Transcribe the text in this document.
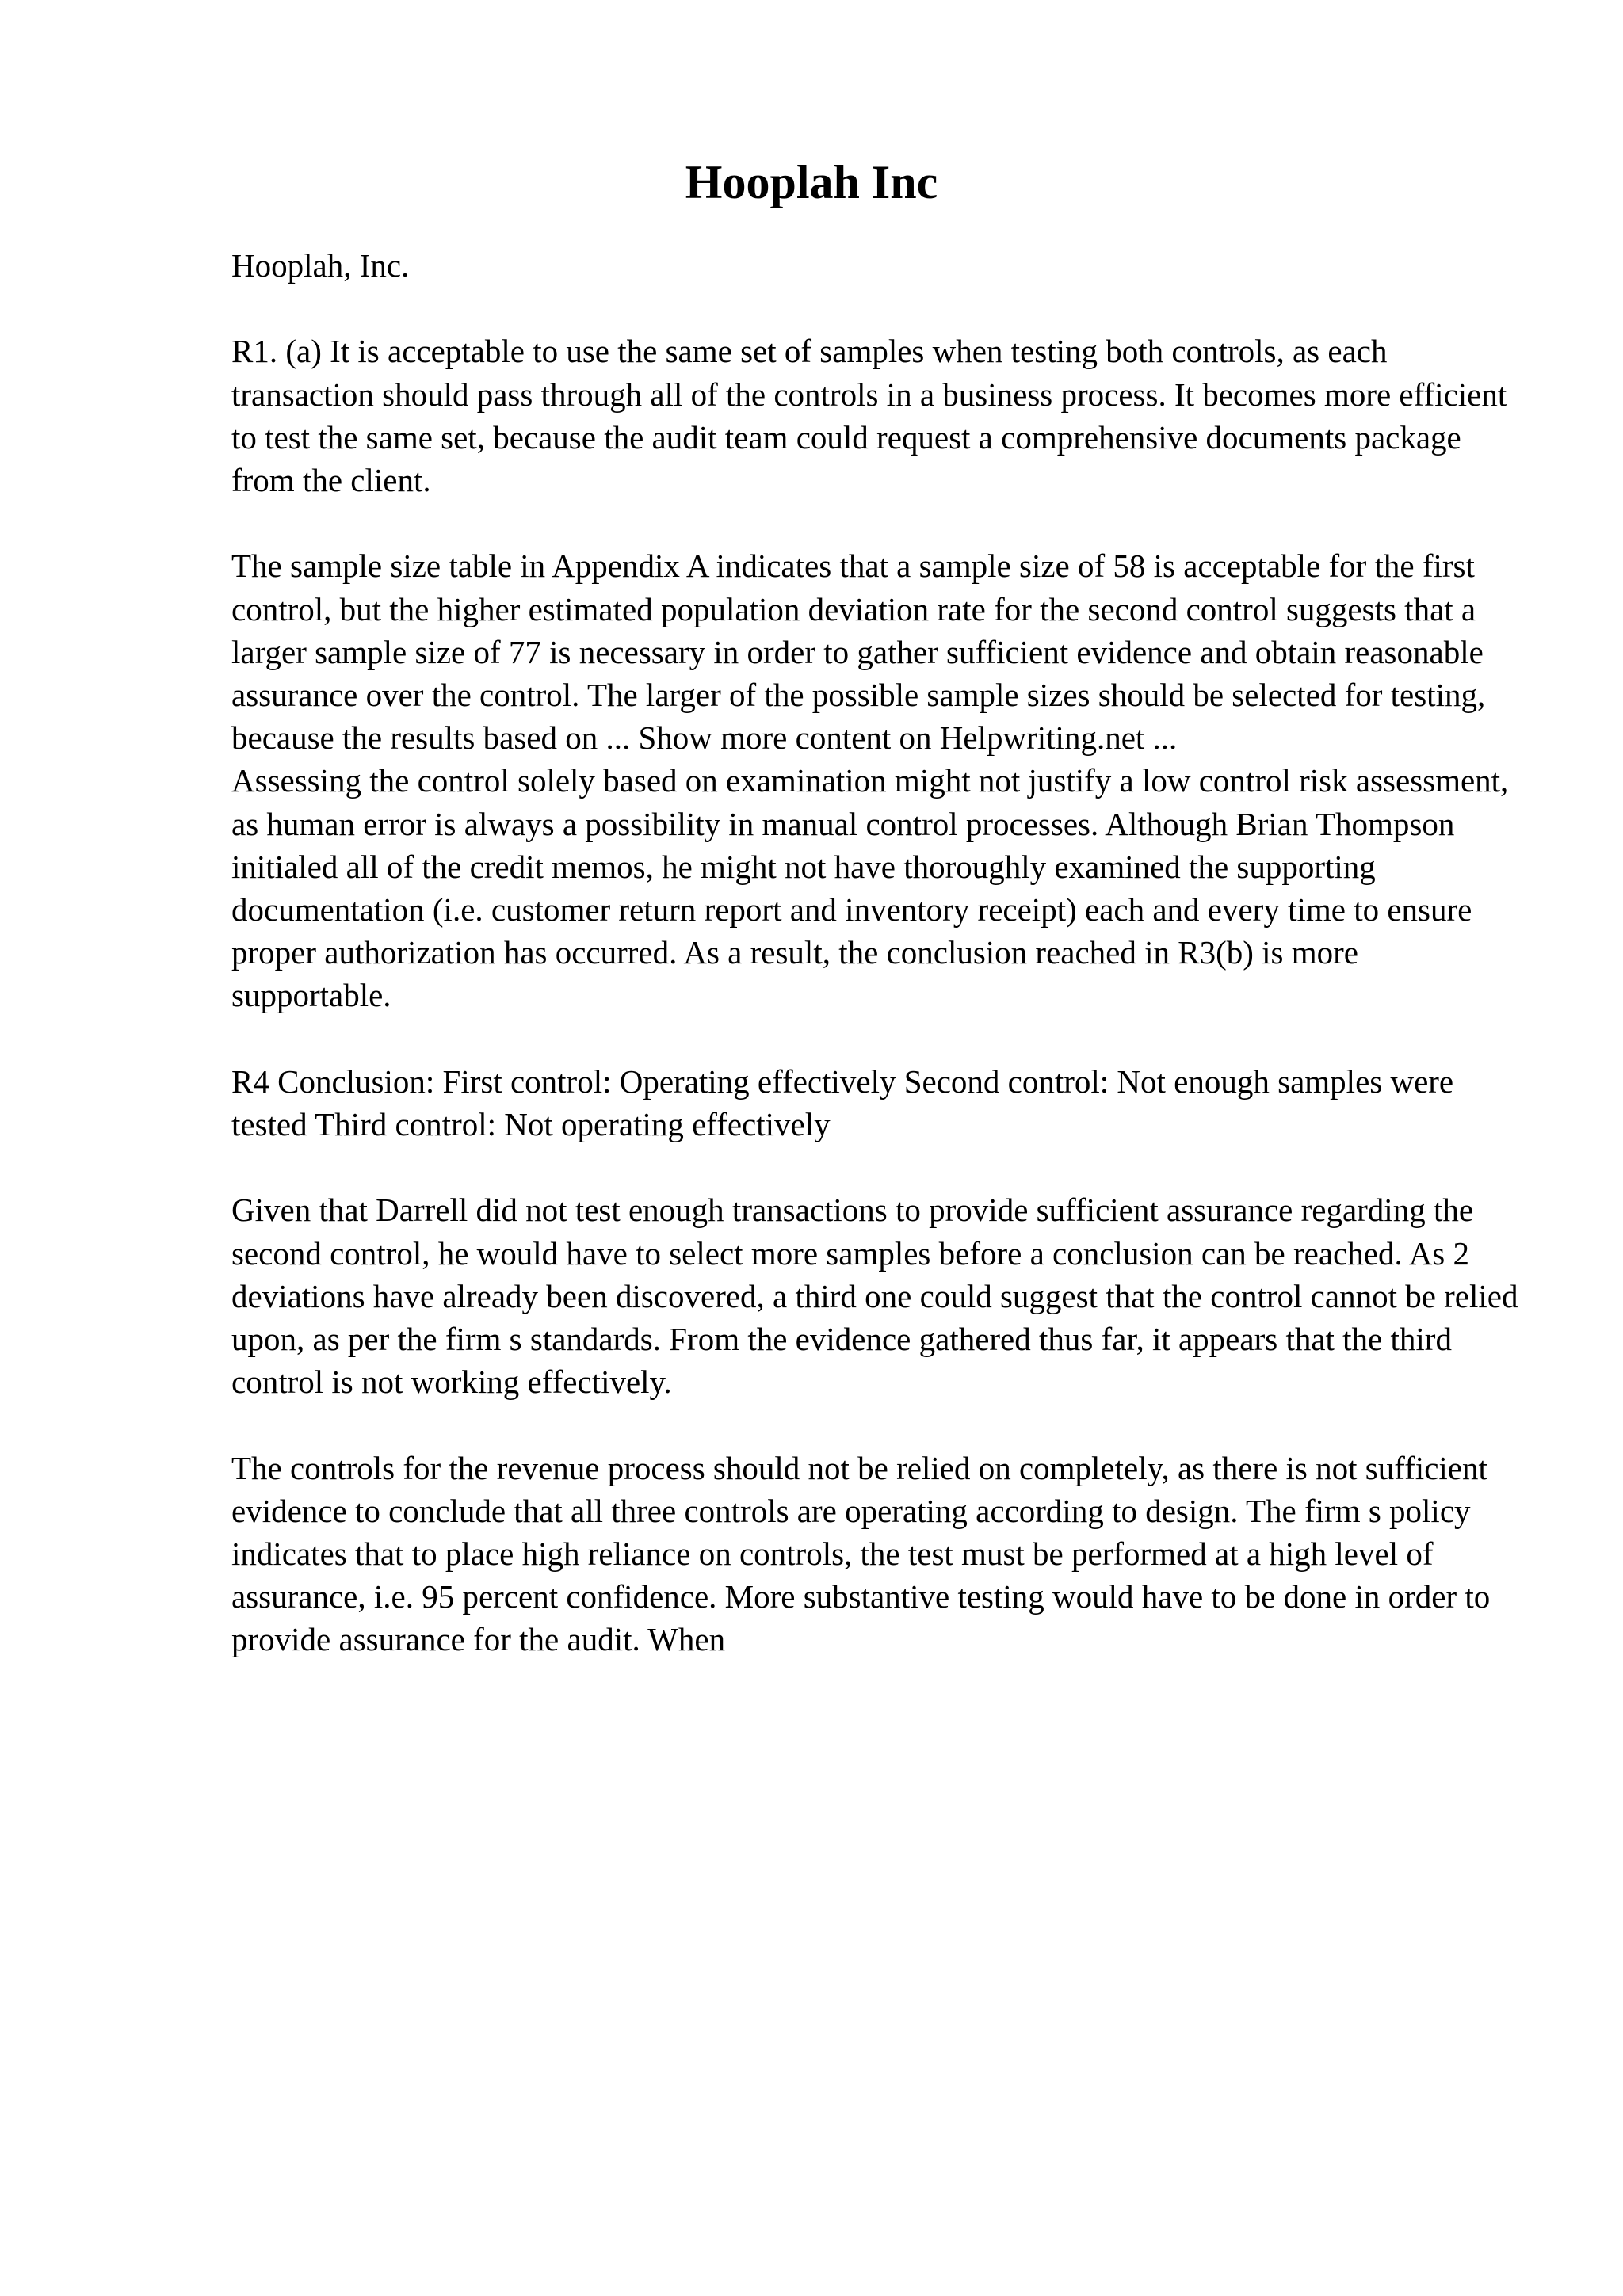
Hooplah Inc

Hooplah, Inc.

R1. (a) It is acceptable to use the same set of samples when testing both controls, as each transaction should pass through all of the controls in a business process. It becomes more efficient to test the same set, because the audit team could request a comprehensive documents package from the client.

The sample size table in Appendix A indicates that a sample size of 58 is acceptable for the first control, but the higher estimated population deviation rate for the second control suggests that a larger sample size of 77 is necessary in order to gather sufficient evidence and obtain reasonable assurance over the control. The larger of the possible sample sizes should be selected for testing, because the results based on ... Show more content on Helpwriting.net ...

Assessing the control solely based on examination might not justify a low control risk assessment, as human error is always a possibility in manual control processes. Although Brian Thompson initialed all of the credit memos, he might not have thoroughly examined the supporting documentation (i.e. customer return report and inventory receipt) each and every time to ensure proper authorization has occurred. As a result, the conclusion reached in R3(b) is more supportable.

R4 Conclusion: First control: Operating effectively Second control: Not enough samples were tested Third control: Not operating effectively

Given that Darrell did not test enough transactions to provide sufficient assurance regarding the second control, he would have to select more samples before a conclusion can be reached. As 2 deviations have already been discovered, a third one could suggest that the control cannot be relied upon, as per the firm s standards. From the evidence gathered thus far, it appears that the third control is not working effectively.

The controls for the revenue process should not be relied on completely, as there is not sufficient evidence to conclude that all three controls are operating according to design. The firm s policy indicates that to place high reliance on controls, the test must be performed at a high level of assurance, i.e. 95 percent confidence. More substantive testing would have to be done in order to provide assurance for the audit. When
